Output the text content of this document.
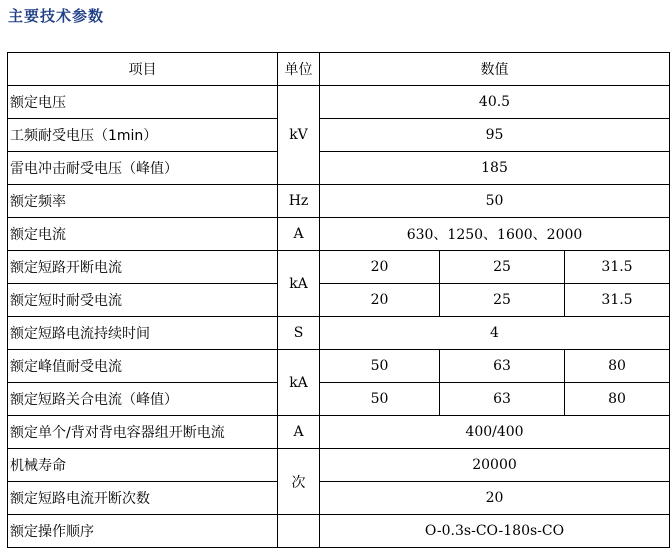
主要技术参数
项目	单位	数值		
额定电压	kV	40.5		
工频耐受电压（1min）		95		
雷电冲击耐受电压（峰值）		185		
额定频率	Hz	50		
额定电流	A	630、1250、1600、2000		
额定短路开断电流	kA	20	25	31.5
额定短时耐受电流		20	25	31.5
额定短路电流持续时间	S	4		
额定峰值耐受电流	kA	50	63	80
额定短路关合电流（峰值）		50	63	80
额定单个/背对背电容器组开断电流	A	400/400		
机械寿命	次	20000		
额定短路电流开断次数		20		
额定操作顺序		O-0.3s-CO-180s-CO		
